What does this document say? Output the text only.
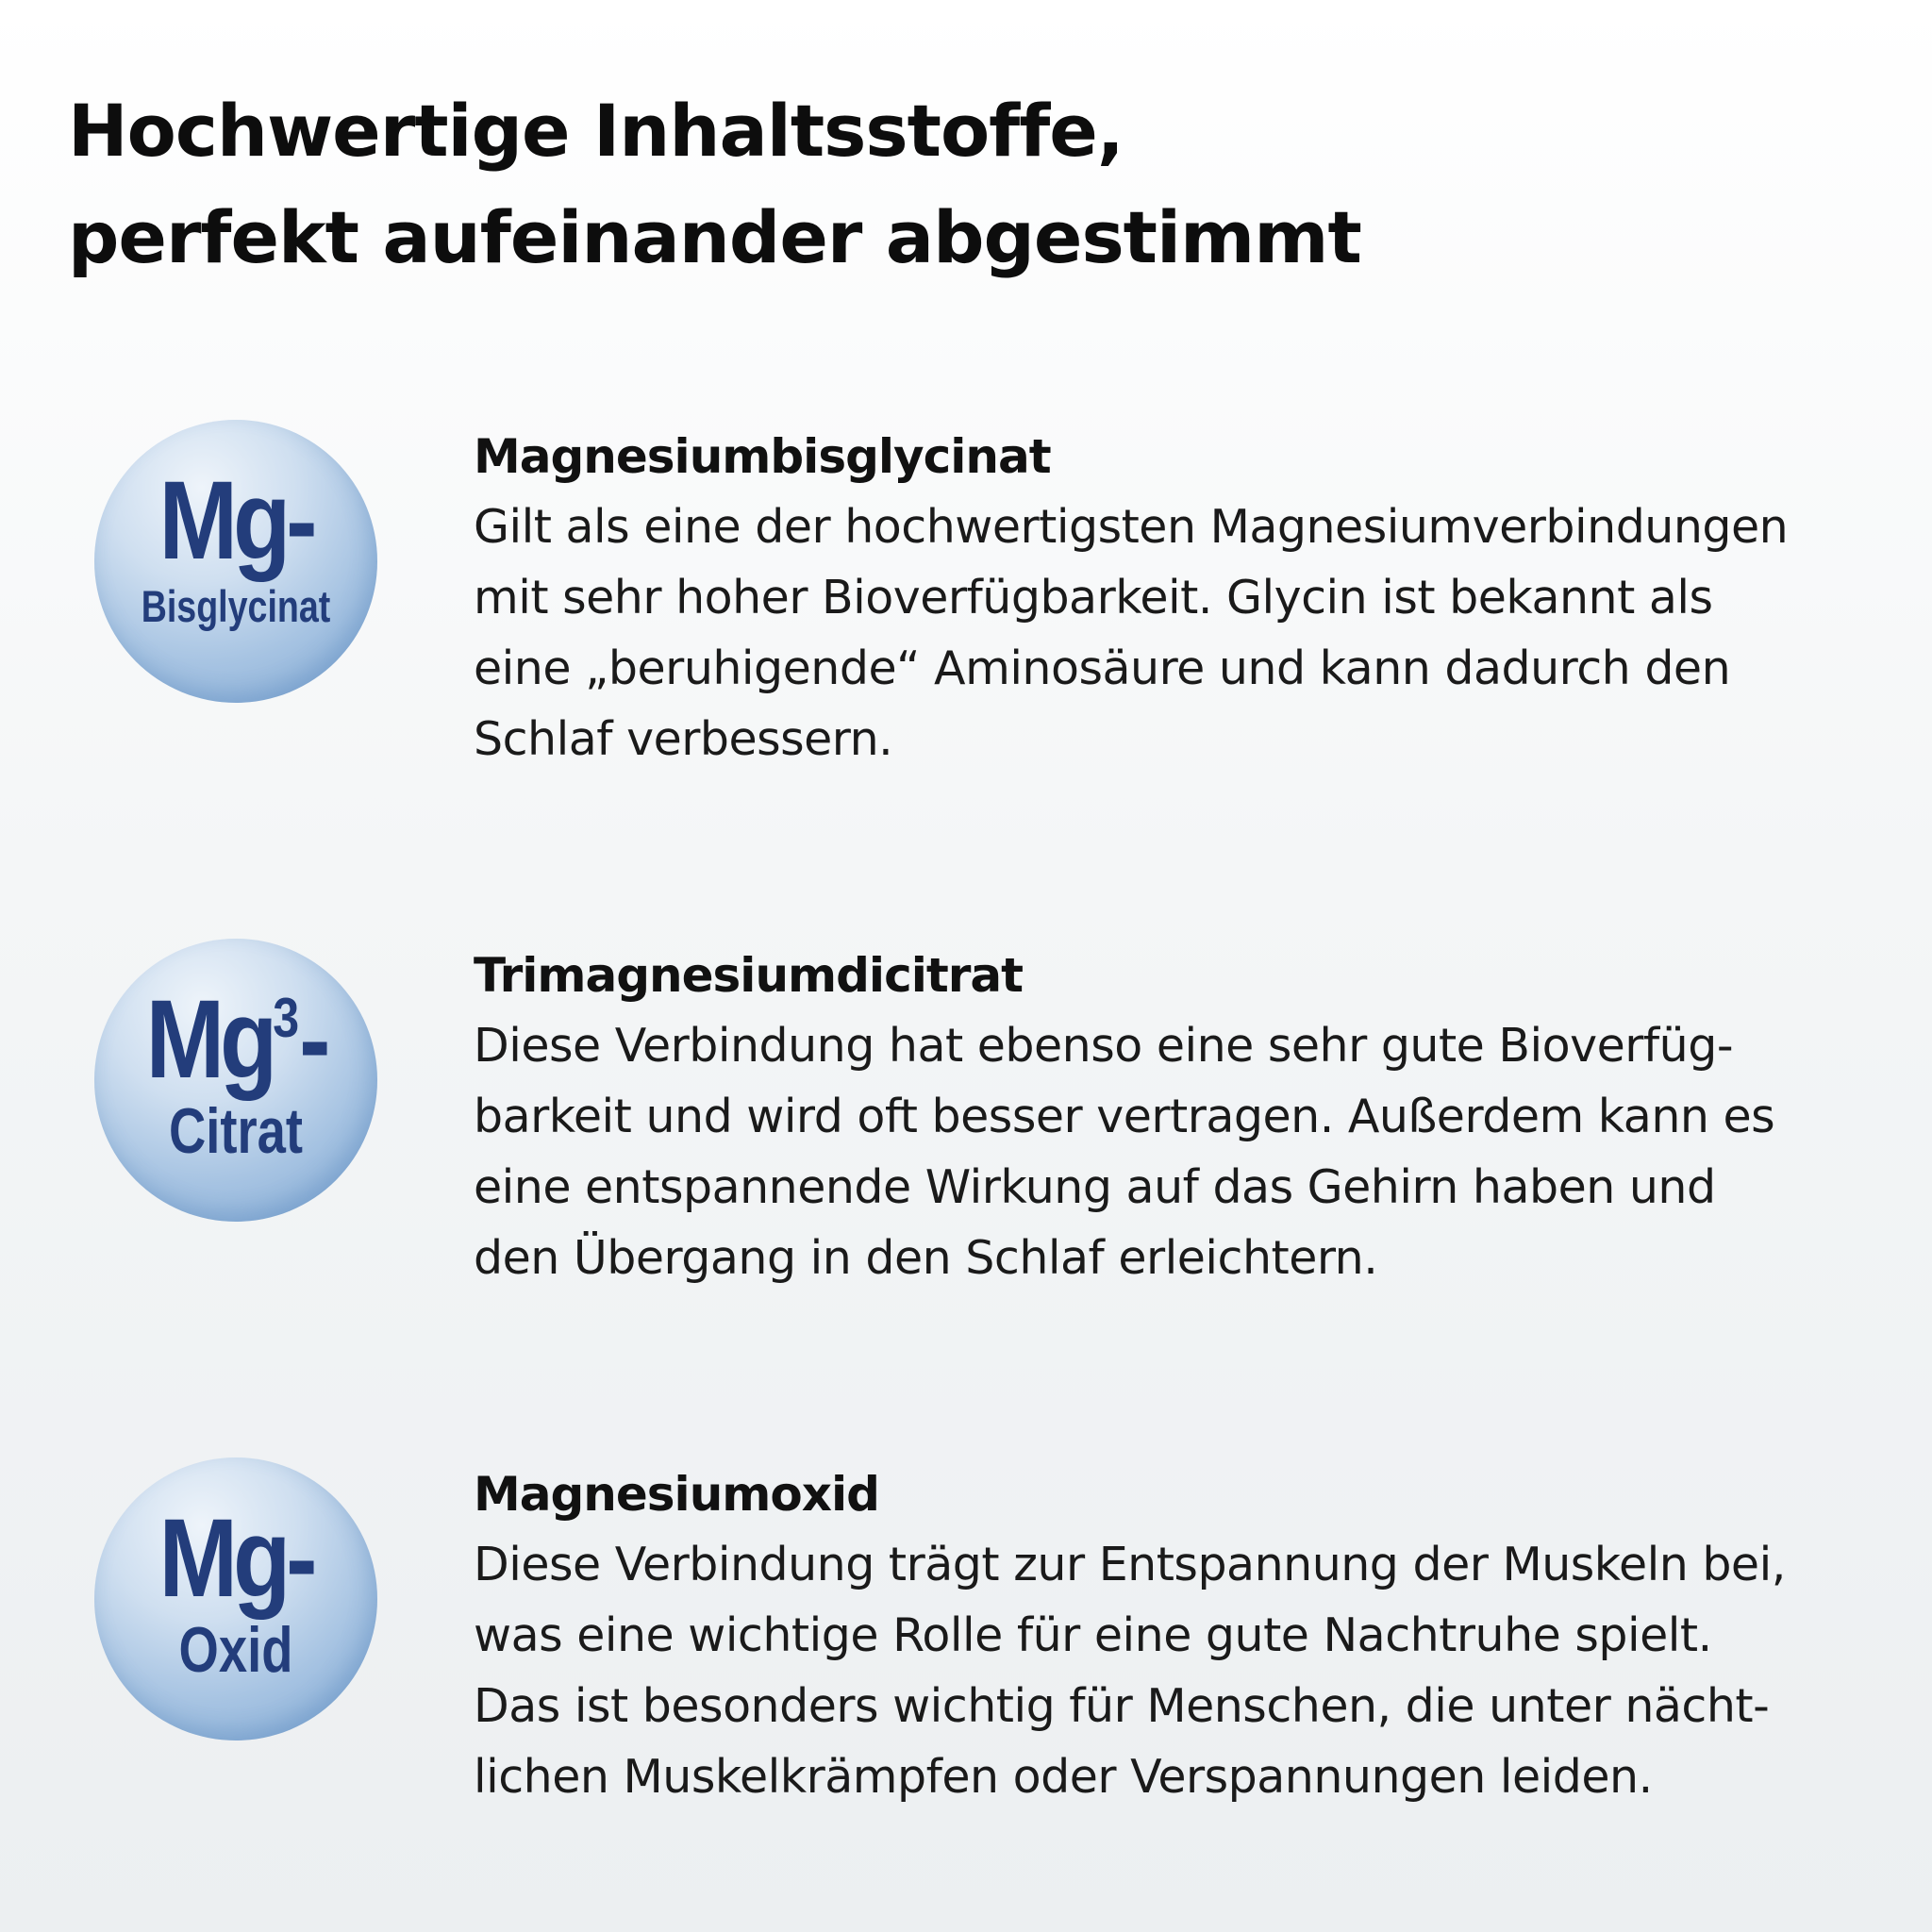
Hochwertige Inhaltsstoffe,
perfekt aufeinander abgestimmt
Mg-
Bisglycinat
Mg$^3$-
Citrat
Mg-
Oxid
Magnesiumbisglycinat
Gilt als eine der hochwertigsten Magnesiumverbindungen
mit sehr hoher Bioverfügbarkeit. Glycin ist bekannt als
eine „beruhigende“ Aminosäure und kann dadurch den
Schlaf verbessern.
Trimagnesiumdicitrat
Diese Verbindung hat ebenso eine sehr gute Bioverfüg-
barkeit und wird oft besser vertragen. Außerdem kann es
eine entspannende Wirkung auf das Gehirn haben und
den Übergang in den Schlaf erleichtern.
Magnesiumoxid
Diese Verbindung trägt zur Entspannung der Muskeln bei,
was eine wichtige Rolle für eine gute Nachtruhe spielt.
Das ist besonders wichtig für Menschen, die unter nächt-
lichen Muskelkrämpfen oder Verspannungen leiden.
